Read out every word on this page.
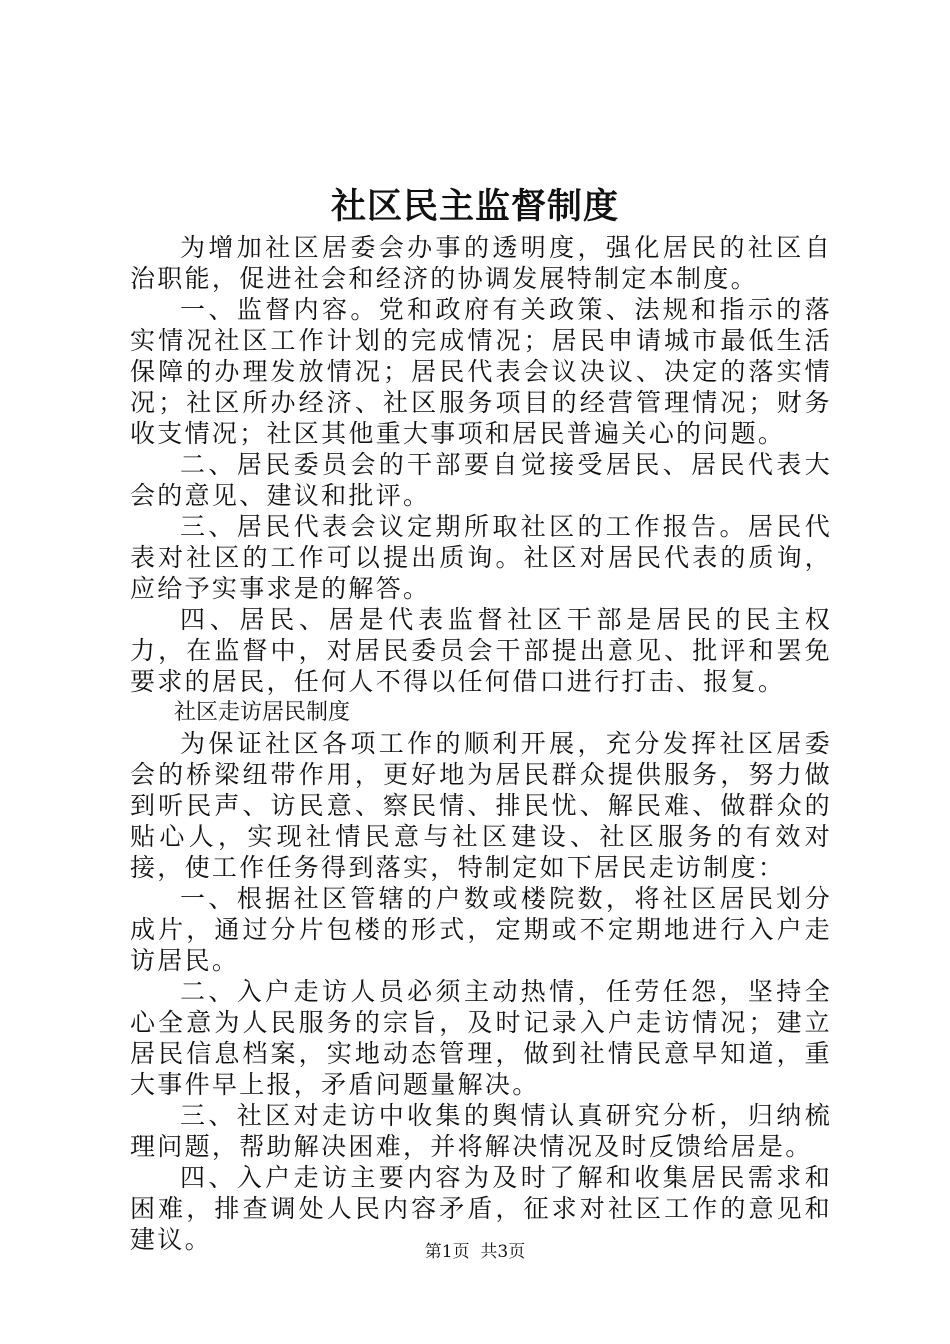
社区民主监督制度

为增加社区居委会办事的透明度，强化居民的社区自治职能，促进社会和经济的协调发展特制定本制度。

一、监督内容。党和政府有关政策、法规和指示的落实情况社区工作计划的完成情况；居民申请城市最低生活保障的办理发放情况；居民代表会议决议、决定的落实情况；社区所办经济、社区服务项目的经营管理情况；财务收支情况；社区其他重大事项和居民普遍关心的问题。

二、居民委员会的干部要自觉接受居民、居民代表大会的意见、建议和批评。

三、居民代表会议定期所取社区的工作报告。居民代表对社区的工作可以提出质询。社区对居民代表的质询，应给予实事求是的解答。

四、居民、居是代表监督社区干部是居民的民主权力，在监督中，对居民委员会干部提出意见、批评和罢免要求的居民，任何人不得以任何借口进行打击、报复。

社区走访居民制度

为保证社区各项工作的顺利开展，充分发挥社区居委会的桥梁纽带作用，更好地为居民群众提供服务，努力做到听民声、访民意、察民情、排民忧、解民难、做群众的贴心人，实现社情民意与社区建设、社区服务的有效对接，使工作任务得到落实，特制定如下居民走访制度：

一、根据社区管辖的户数或楼院数，将社区居民划分成片，通过分片包楼的形式，定期或不定期地进行入户走访居民。

二、入户走访人员必须主动热情，任劳任怨，坚持全心全意为人民服务的宗旨，及时记录入户走访情况；建立居民信息档案，实地动态管理，做到社情民意早知道，重大事件早上报，矛盾问题量解决。

三、社区对走访中收集的舆情认真研究分析，归纳梳理问题，帮助解决困难，并将解决情况及时反馈给居是。

四、入户走访主要内容为及时了解和收集居民需求和困难，排查调处人民内容矛盾，征求对社区工作的意见和建议。	第1页  共3页
